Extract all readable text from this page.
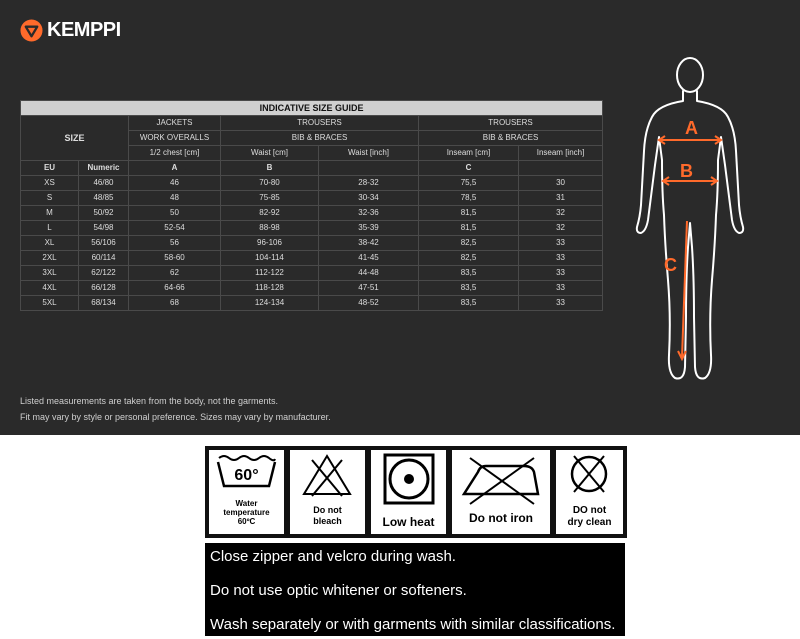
KEMPPI
INDICATIVE SIZE GUIDE						
SIZE		JACKETS	TROUSERS		TROUSERS	
		WORK OVERALLS	BIB & BRACES		BIB & BRACES	
		1/2 chest [cm]	Waist [cm]	Waist [inch]	Inseam [cm]	Inseam [inch]
EU	Numeric	A	B		C	
XS	46/80	46	70-80	28-32	75,5	30
S	48/85	48	75-85	30-34	78,5	31
M	50/92	50	82-92	32-36	81,5	32
L	54/98	52-54	88-98	35-39	81,5	32
XL	56/106	56	96-106	38-42	82,5	33
2XL	60/114	58-60	104-114	41-45	82,5	33
3XL	62/122	62	112-122	44-48	83,5	33
4XL	66/128	64-66	118-128	47-51	83,5	33
5XL	68/134	68	124-134	48-52	83,5	33
Listed measurements are taken from the body, not the garments.
Fit may vary by style or personal preference. Sizes may vary by manufacturer.
A
B
C
60°
Water
temperature
60ºC
Do not
bleach	Low heat	Do not iron
DO not
dry clean
Close zipper and velcro during wash.
Do not use optic whitener or softeners.
Wash separately or with garments with similar classifications.
